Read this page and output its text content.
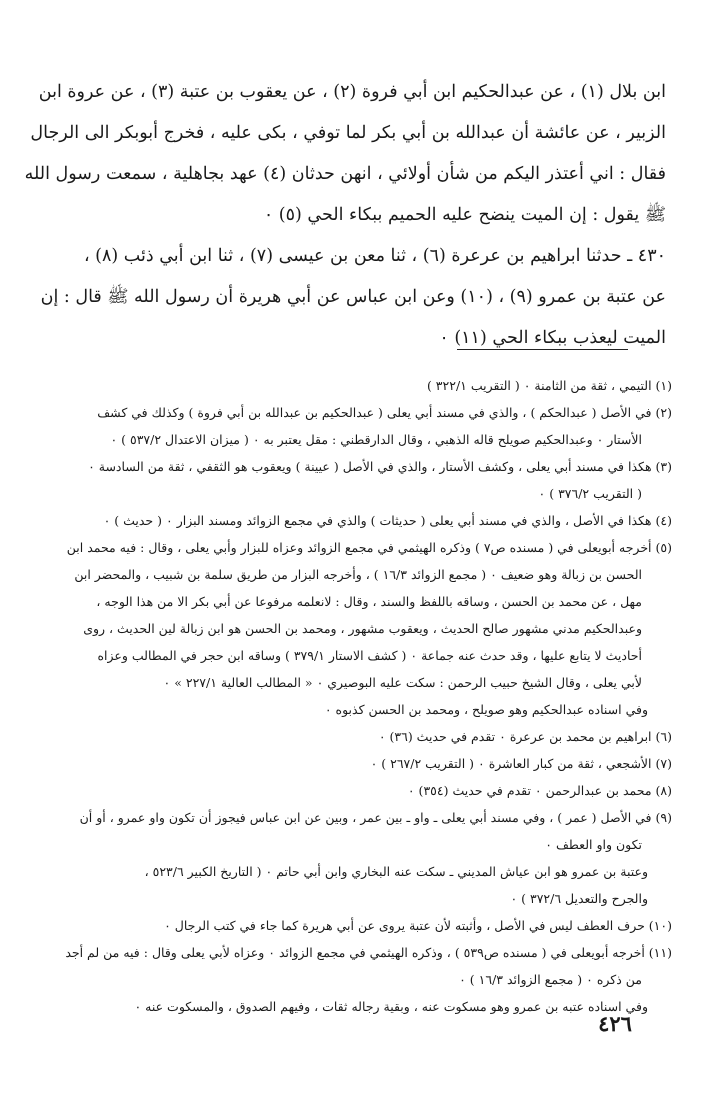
ابن بلال (١) ، عن عبدالحكيم ابن أبي فروة (٢) ، عن يعقوب بن عتبة (٣) ، عن عروة ابن
الزبير ، عن عائشة أن عبدالله بن أبي بكر لما توفي ، بكى عليه ، فخرج أبوبكر الى الرجال
فقال : اني أعتذر اليكم من شأن أولائي ، انهن حدثان (٤) عهد بجاهلية ، سمعت رسول الله
ﷺ يقول : إن الميت ينضح عليه الحميم ببكاء الحي (٥) ٠
٤٣٠ ـ حدثنا ابراهيم بن عرعرة (٦) ، ثنا معن بن عيسى (٧) ، ثنا ابن أبي ذئب (٨) ،
عن عتبة بن عمرو (٩) ، (١٠) وعن ابن عباس عن أبي هريرة أن رسول الله ﷺ قال : إن
الميت ليعذب ببكاء الحي (١١) ٠
(١) التيمي ، ثقة من الثامنة ٠ ( التقريب ٣٢٢/١ )
(٢) في الأصل ( عبدالحكم ) ، والذي في مسند أبي يعلى ( عبدالحكيم بن عبدالله بن أبي فروة ) وكذلك في كشف
الأستار ٠ وعبدالحكيم صويلح قاله الذهبي ، وقال الدارقطني : مقل يعتبر به ٠ ( ميزان الاعتدال ٥٣٧/٢ ) ٠
(٣) هكذا في مسند أبي يعلى ، وكشف الأستار ، والذي في الأصل ( عيينة ) ويعقوب هو الثقفي ، ثقة من السادسة ٠
( التقريب ٣٧٦/٢ ) ٠
(٤) هكذا في الأصل ، والذي في مسند أبي يعلى ( حديثات ) والذي في مجمع الزوائد ومسند البزار ٠ ( حديث ) ٠
(٥) أخرجه أبويعلى في ( مسنده ص٧ ) وذكره الهيثمي في مجمع الزوائد وعزاه للبزار وأبي يعلى ، وقال : فيه محمد ابن
الحسن بن زبالة وهو ضعيف ٠ ( مجمع الزوائد ١٦/٣ ) ، وأخرجه البزار من طريق سلمة بن شبيب ، والمحضر ابن
مهل ، عن محمد بن الحسن ، وساقه باللفظ والسند ، وقال : لانعلمه مرفوعا عن أبي بكر الا من هذا الوجه ،
وعبدالحكيم مدني مشهور صالح الحديث ، ويعقوب مشهور ، ومحمد بن الحسن هو ابن زبالة لين الحديث ، روى
أحاديث لا يتابع عليها ، وقد حدث عنه جماعة ٠ ( كشف الاستار ٣٧٩/١ ) وساقه ابن حجر في المطالب وعزاه
لأبي يعلى ، وقال الشيخ حبيب الرحمن : سكت عليه البوصيري ٠ « المطالب العالية ٢٢٧/١ » ٠
وفي اسناده عبدالحكيم وهو صويلح ، ومحمد بن الحسن كذبوه ٠
(٦) ابراهيم بن محمد بن عرعرة ٠ تقدم في حديث (٣٦) ٠
(٧) الأشجعي ، ثقة من كبار العاشرة ٠ ( التقريب ٢٦٧/٢ ) ٠
(٨) محمد بن عبدالرحمن ٠ تقدم في حديث (٣٥٤) ٠
(٩) في الأصل ( عمر ) ، وفي مسند أبي يعلى ـ واو ـ بين عمر ، وبين عن ابن عباس فيجوز أن تكون واو عمرو ، أو أن
تكون واو العطف ٠
وعتبة بن عمرو هو ابن عياش المديني ـ سكت عنه البخاري وابن أبي حاتم ٠ ( التاريخ الكبير ٥٢٣/٦ ،
والجرح والتعديل ٣٧٢/٦ ) ٠
(١٠) حرف العطف ليس في الأصل ، وأثبته لأن عتبة يروى عن أبي هريرة كما جاء في كتب الرجال ٠
(١١) أخرجه أبويعلى في ( مسنده ص٥٣٩ ) ، وذكره الهيثمي في مجمع الزوائد ٠ وعزاه لأبي يعلى وقال : فيه من لم أجد
من ذكره ٠ ( مجمع الزوائد ١٦/٣ ) ٠
وفي اسناده عتبه بن عمرو وهو مسكوت عنه ، وبقية رجاله ثقات ، وفيهم الصدوق ، والمسكوت عنه ٠
٤٢٦
